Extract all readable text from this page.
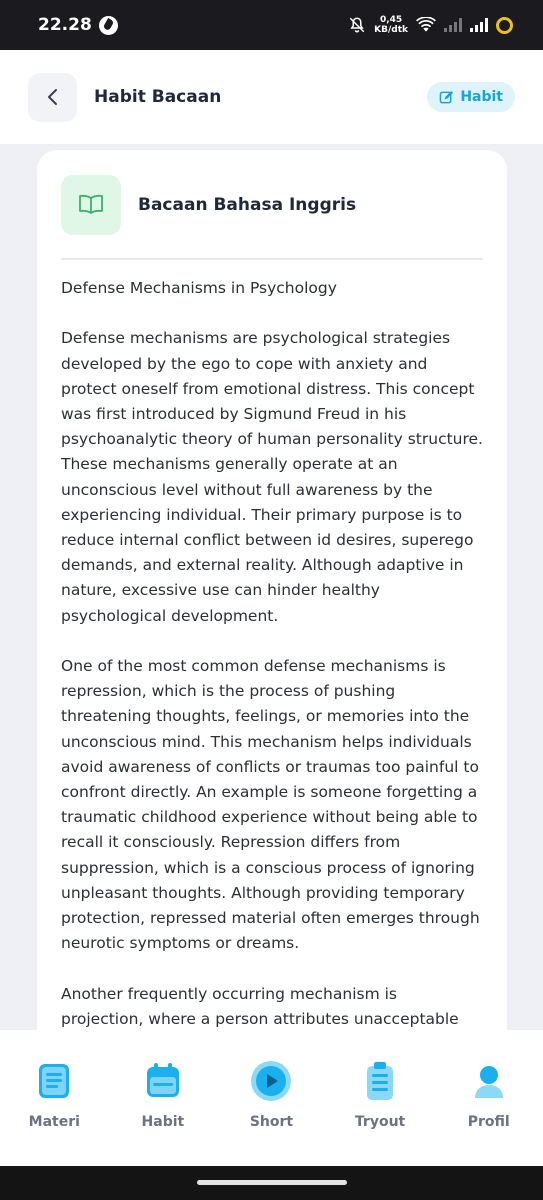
22.28	0,45
KB/dtk
Habit Bacaan	Habit
Bacaan Bahasa Inggris

Defense Mechanisms in Psychology

Defense mechanisms are psychological strategies developed by the ego to cope with anxiety and protect oneself from emotional distress. This concept was first introduced by Sigmund Freud in his psychoanalytic theory of human personality structure. These mechanisms generally operate at an unconscious level without full awareness by the experiencing individual. Their primary purpose is to reduce internal conflict between id desires, superego demands, and external reality. Although adaptive in nature, excessive use can hinder healthy psychological development.

One of the most common defense mechanisms is repression, which is the process of pushing threatening thoughts, feelings, or memories into the unconscious mind. This mechanism helps individuals avoid awareness of conflicts or traumas too painful to confront directly. An example is someone forgetting a traumatic childhood experience without being able to recall it consciously. Repression differs from suppression, which is a conscious process of ignoring unpleasant thoughts. Although providing temporary protection, repressed material often emerges through neurotic symptoms or dreams.

Another frequently occurring mechanism is projection, where a person attributes unacceptable

Materi	Habit	Short	Tryout	Profil
